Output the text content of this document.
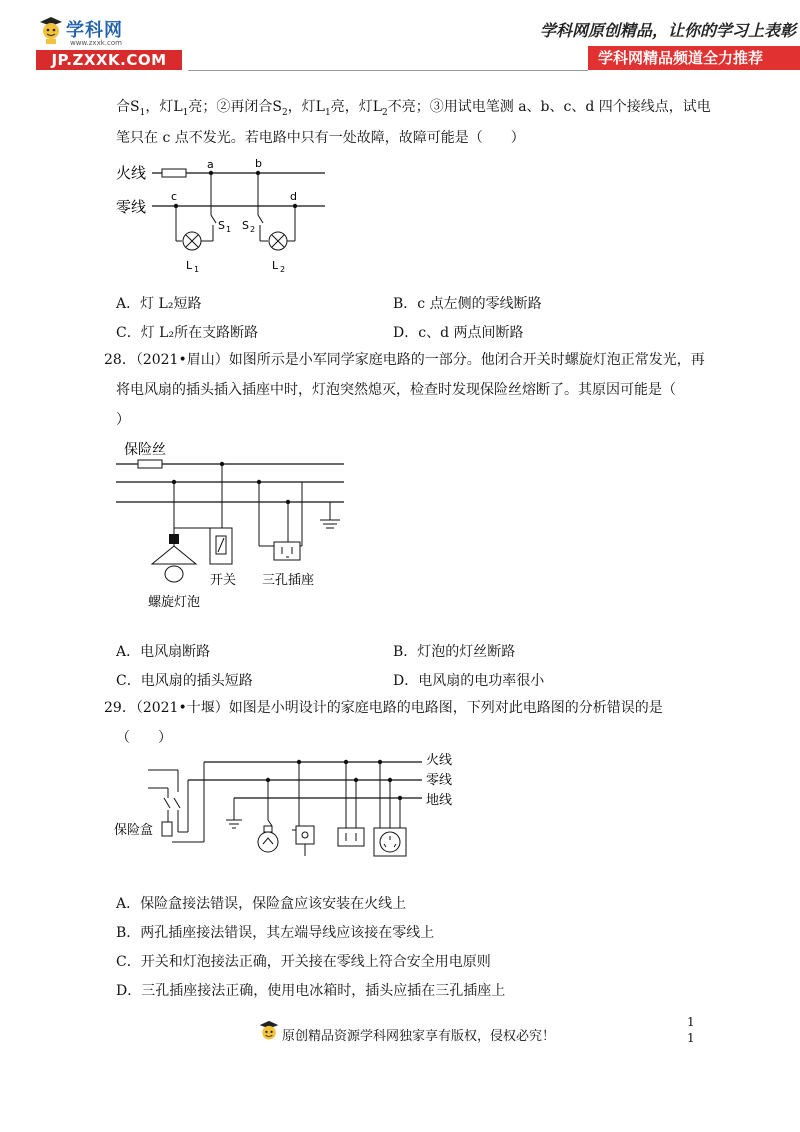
学科网
www.zxxk.com
JP.ZXXK.COM
学科网原创精品，让你的学习上表彰
学科网精品频道全力推荐
合$S_1$，灯$L_1$亮；②再闭合$S_2$，灯$L_1$亮，灯$L_2$不亮；③用试电笔测 a、b、c、d 四个接线点，试电
笔只在 c 点不发光。若电路中只有一处故障，故障可能是（　　）
火线
零线
a	b
c	d
S 1
L 1
S 2
L 2
A．灯 L₂短路	B．c 点左侧的零线断路
C．灯 L₂所在支路断路	D．c、d 两点间断路
28．（2021•眉山）如图所示是小军同学家庭电路的一部分。他闭合开关时螺旋灯泡正常发光，再
将电风扇的插头插入插座中时，灯泡突然熄灭，检查时发现保险丝熔断了。其原因可能是（
）
保险丝
螺旋灯泡
开关 三孔插座
A．电风扇断路	B．灯泡的灯丝断路
C．电风扇的插头短路	D．电风扇的电功率很小
29．（2021•十堰）如图是小明设计的家庭电路的电路图，下列对此电路图的分析错误的是
（　　）
火线
零线
地线
保险盒
A．保险盒接法错误，保险盒应该安装在火线上
B．两孔插座接法错误，其左端导线应该接在零线上
C．开关和灯泡接法正确，开关接在零线上符合安全用电原则
D．三孔插座接法正确，使用电冰箱时，插头应插在三孔插座上
原创精品资源学科网独家享有版权，侵权必究！
1
1
